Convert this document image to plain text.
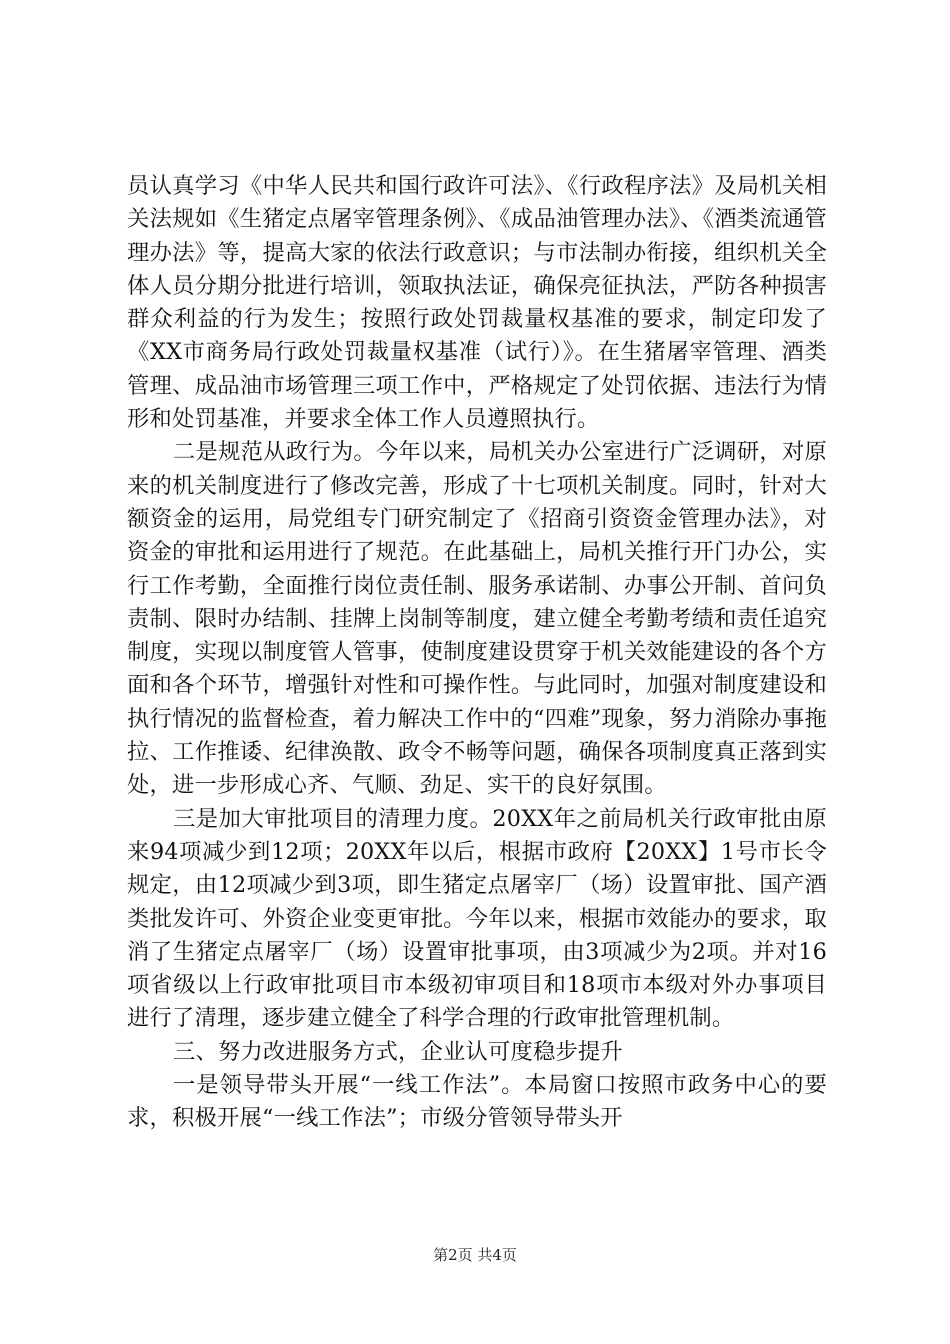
员认真学习《中华人民共和国行政许可法》、《行政程序法》及局机关相关法规如《生猪定点屠宰管理条例》、《成品油管理办法》、《酒类流通管理办法》等，提高大家的依法行政意识；与市法制办衔接，组织机关全体人员分期分批进行培训，领取执法证，确保亮征执法，严防各种损害群众利益的行为发生；按照行政处罚裁量权基准的要求，制定印发了《XX市商务局行政处罚裁量权基准（试行）》。在生猪屠宰管理、酒类管理、成品油市场管理三项工作中，严格规定了处罚依据、违法行为情形和处罚基准，并要求全体工作人员遵照执行。

二是规范从政行为。今年以来，局机关办公室进行广泛调研，对原来的机关制度进行了修改完善，形成了十七项机关制度。同时，针对大额资金的运用，局党组专门研究制定了《招商引资资金管理办法》，对资金的审批和运用进行了规范。在此基础上，局机关推行开门办公，实行工作考勤，全面推行岗位责任制、服务承诺制、办事公开制、首问负责制、限时办结制、挂牌上岗制等制度，建立健全考勤考绩和责任追究制度，实现以制度管人管事，使制度建设贯穿于机关效能建设的各个方面和各个环节，增强针对性和可操作性。与此同时，加强对制度建设和执行情况的监督检查，着力解决工作中的“四难”现象，努力消除办事拖拉、工作推诿、纪律涣散、政令不畅等问题，确保各项制度真正落到实处，进一步形成心齐、气顺、劲足、实干的良好氛围。

三是加大审批项目的清理力度。20XX年之前局机关行政审批由原来94项减少到12项；20XX年以后，根据市政府【20XX】1号市长令规定，由12项减少到3项，即生猪定点屠宰厂（场）设置审批、国产酒类批发许可、外资企业变更审批。今年以来，根据市效能办的要求，取消了生猪定点屠宰厂（场）设置审批事项，由3项减少为2项。并对16项省级以上行政审批项目市本级初审项目和18项市本级对外办事项目进行了清理，逐步建立健全了科学合理的行政审批管理机制。

三、努力改进服务方式，企业认可度稳步提升

一是领导带头开展“一线工作法”。本局窗口按照市政务中心的要求，积极开展“一线工作法”；市级分管领导带头开

第2页 共4页
